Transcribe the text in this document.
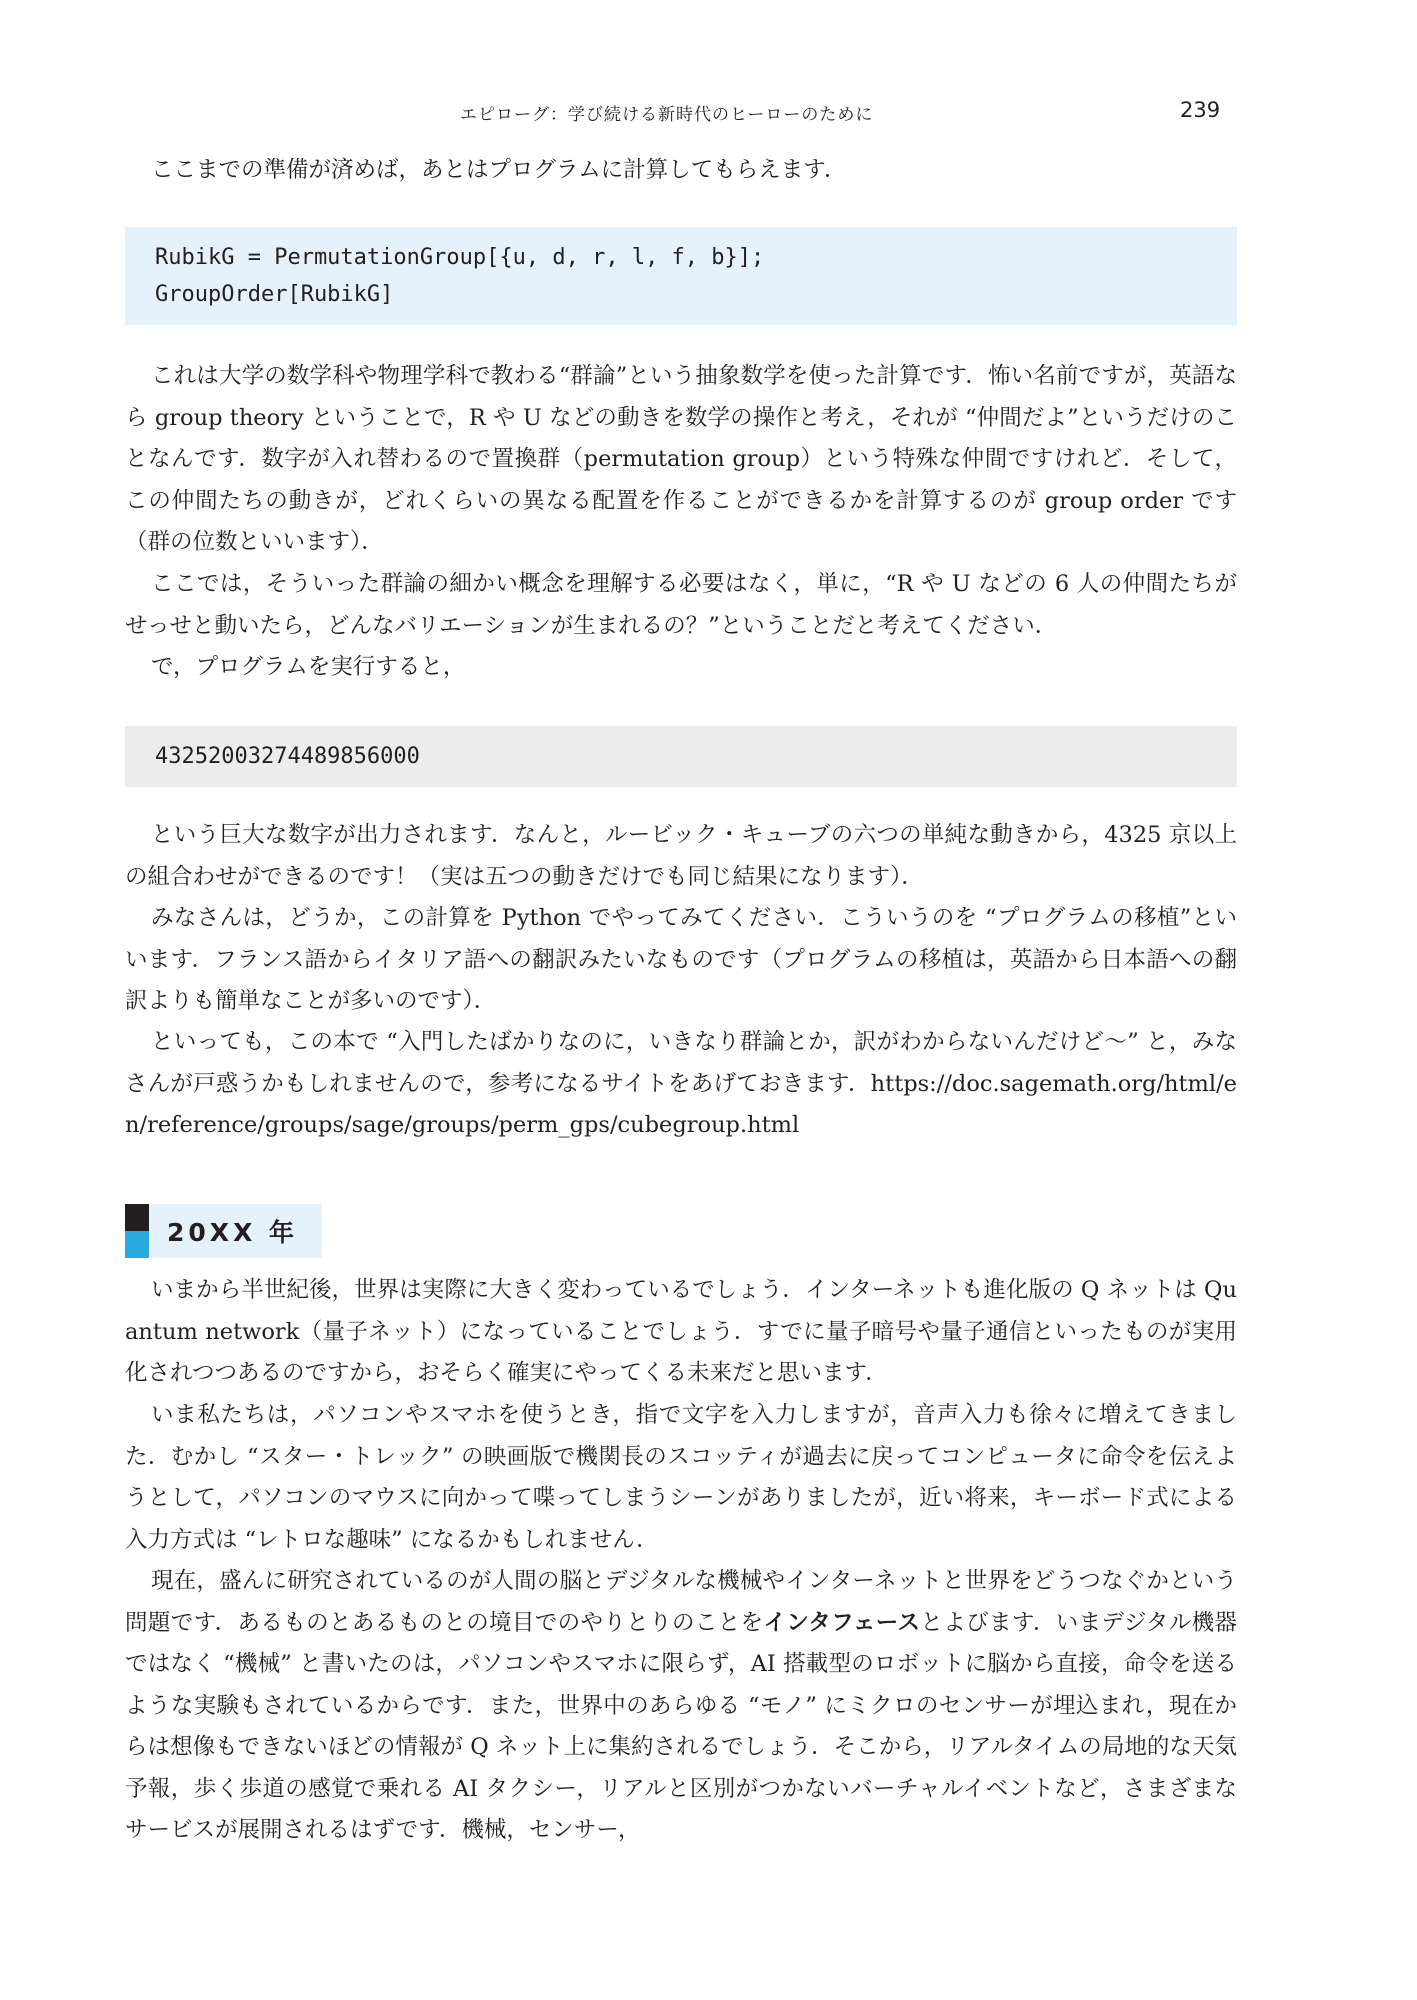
エピローグ：学び続ける新時代のヒーローのために	239

ここまでの準備が済めば，あとはプログラムに計算してもらえます．

RubikG = PermutationGroup[{u, d, r, l, f, b}];
GroupOrder[RubikG]

これは大学の数学科や物理学科で教わる“群論”という抽象数学を使った計算です．怖い名前ですが，英語なら group theory ということで，R や U などの動きを数学の操作と考え，それが “仲間だよ”というだけのことなんです．数字が入れ替わるので置換群（permutation group）という特殊な仲間ですけれど．そして，この仲間たちの動きが，どれくらいの異なる配置を作ることができるかを計算するのが group order です（群の位数といいます）．

ここでは，そういった群論の細かい概念を理解する必要はなく，単に，“R や U などの 6 人の仲間たちがせっせと動いたら，どんなバリエーションが生まれるの？”ということだと考えてください．

で，プログラムを実行すると，

43252003274489856000

という巨大な数字が出力されます．なんと，ルービック・キューブの六つの単純な動きから，4325 京以上の組合わせができるのです！（実は五つの動きだけでも同じ結果になります）．

みなさんは，どうか，この計算を Python でやってみてください．こういうのを “プログラムの移植”といいます．フランス語からイタリア語への翻訳みたいなものです（プログラムの移植は，英語から日本語への翻訳よりも簡単なことが多いのです）．

といっても，この本で “入門したばかりなのに，いきなり群論とか，訳がわからないんだけど～” と，みなさんが戸惑うかもしれませんので，参考になるサイトをあげておきます．https://doc.sagemath.org/html/en/reference/groups/sage/groups/perm_gps/cubegroup.html

20XX 年

いまから半世紀後，世界は実際に大きく変わっているでしょう．インターネットも進化版の Q ネットは Quantum network（量子ネット）になっていることでしょう．すでに量子暗号や量子通信といったものが実用化されつつあるのですから，おそらく確実にやってくる未来だと思います．

いま私たちは，パソコンやスマホを使うとき，指で文字を入力しますが，音声入力も徐々に増えてきました．むかし “スター・トレック” の映画版で機関長のスコッティが過去に戻ってコンピュータに命令を伝えようとして，パソコンのマウスに向かって喋ってしまうシーンがありましたが，近い将来，キーボード式による入力方式は “レトロな趣味” になるかもしれません．

現在，盛んに研究されているのが人間の脳とデジタルな機械やインターネットと世界をどうつなぐかという問題です．あるものとあるものとの境目でのやりとりのことをインタフェースとよびます．いまデジタル機器ではなく “機械” と書いたのは，パソコンやスマホに限らず，AI 搭載型のロボットに脳から直接，命令を送るような実験もされているからです．また，世界中のあらゆる “モノ” にミクロのセンサーが埋込まれ，現在からは想像もできないほどの情報が Q ネット上に集約されるでしょう．そこから，リアルタイムの局地的な天気予報，歩く歩道の感覚で乗れる AI タクシー，リアルと区別がつかないバーチャルイベントなど，さまざまなサービスが展開されるはずです．機械，センサー，
